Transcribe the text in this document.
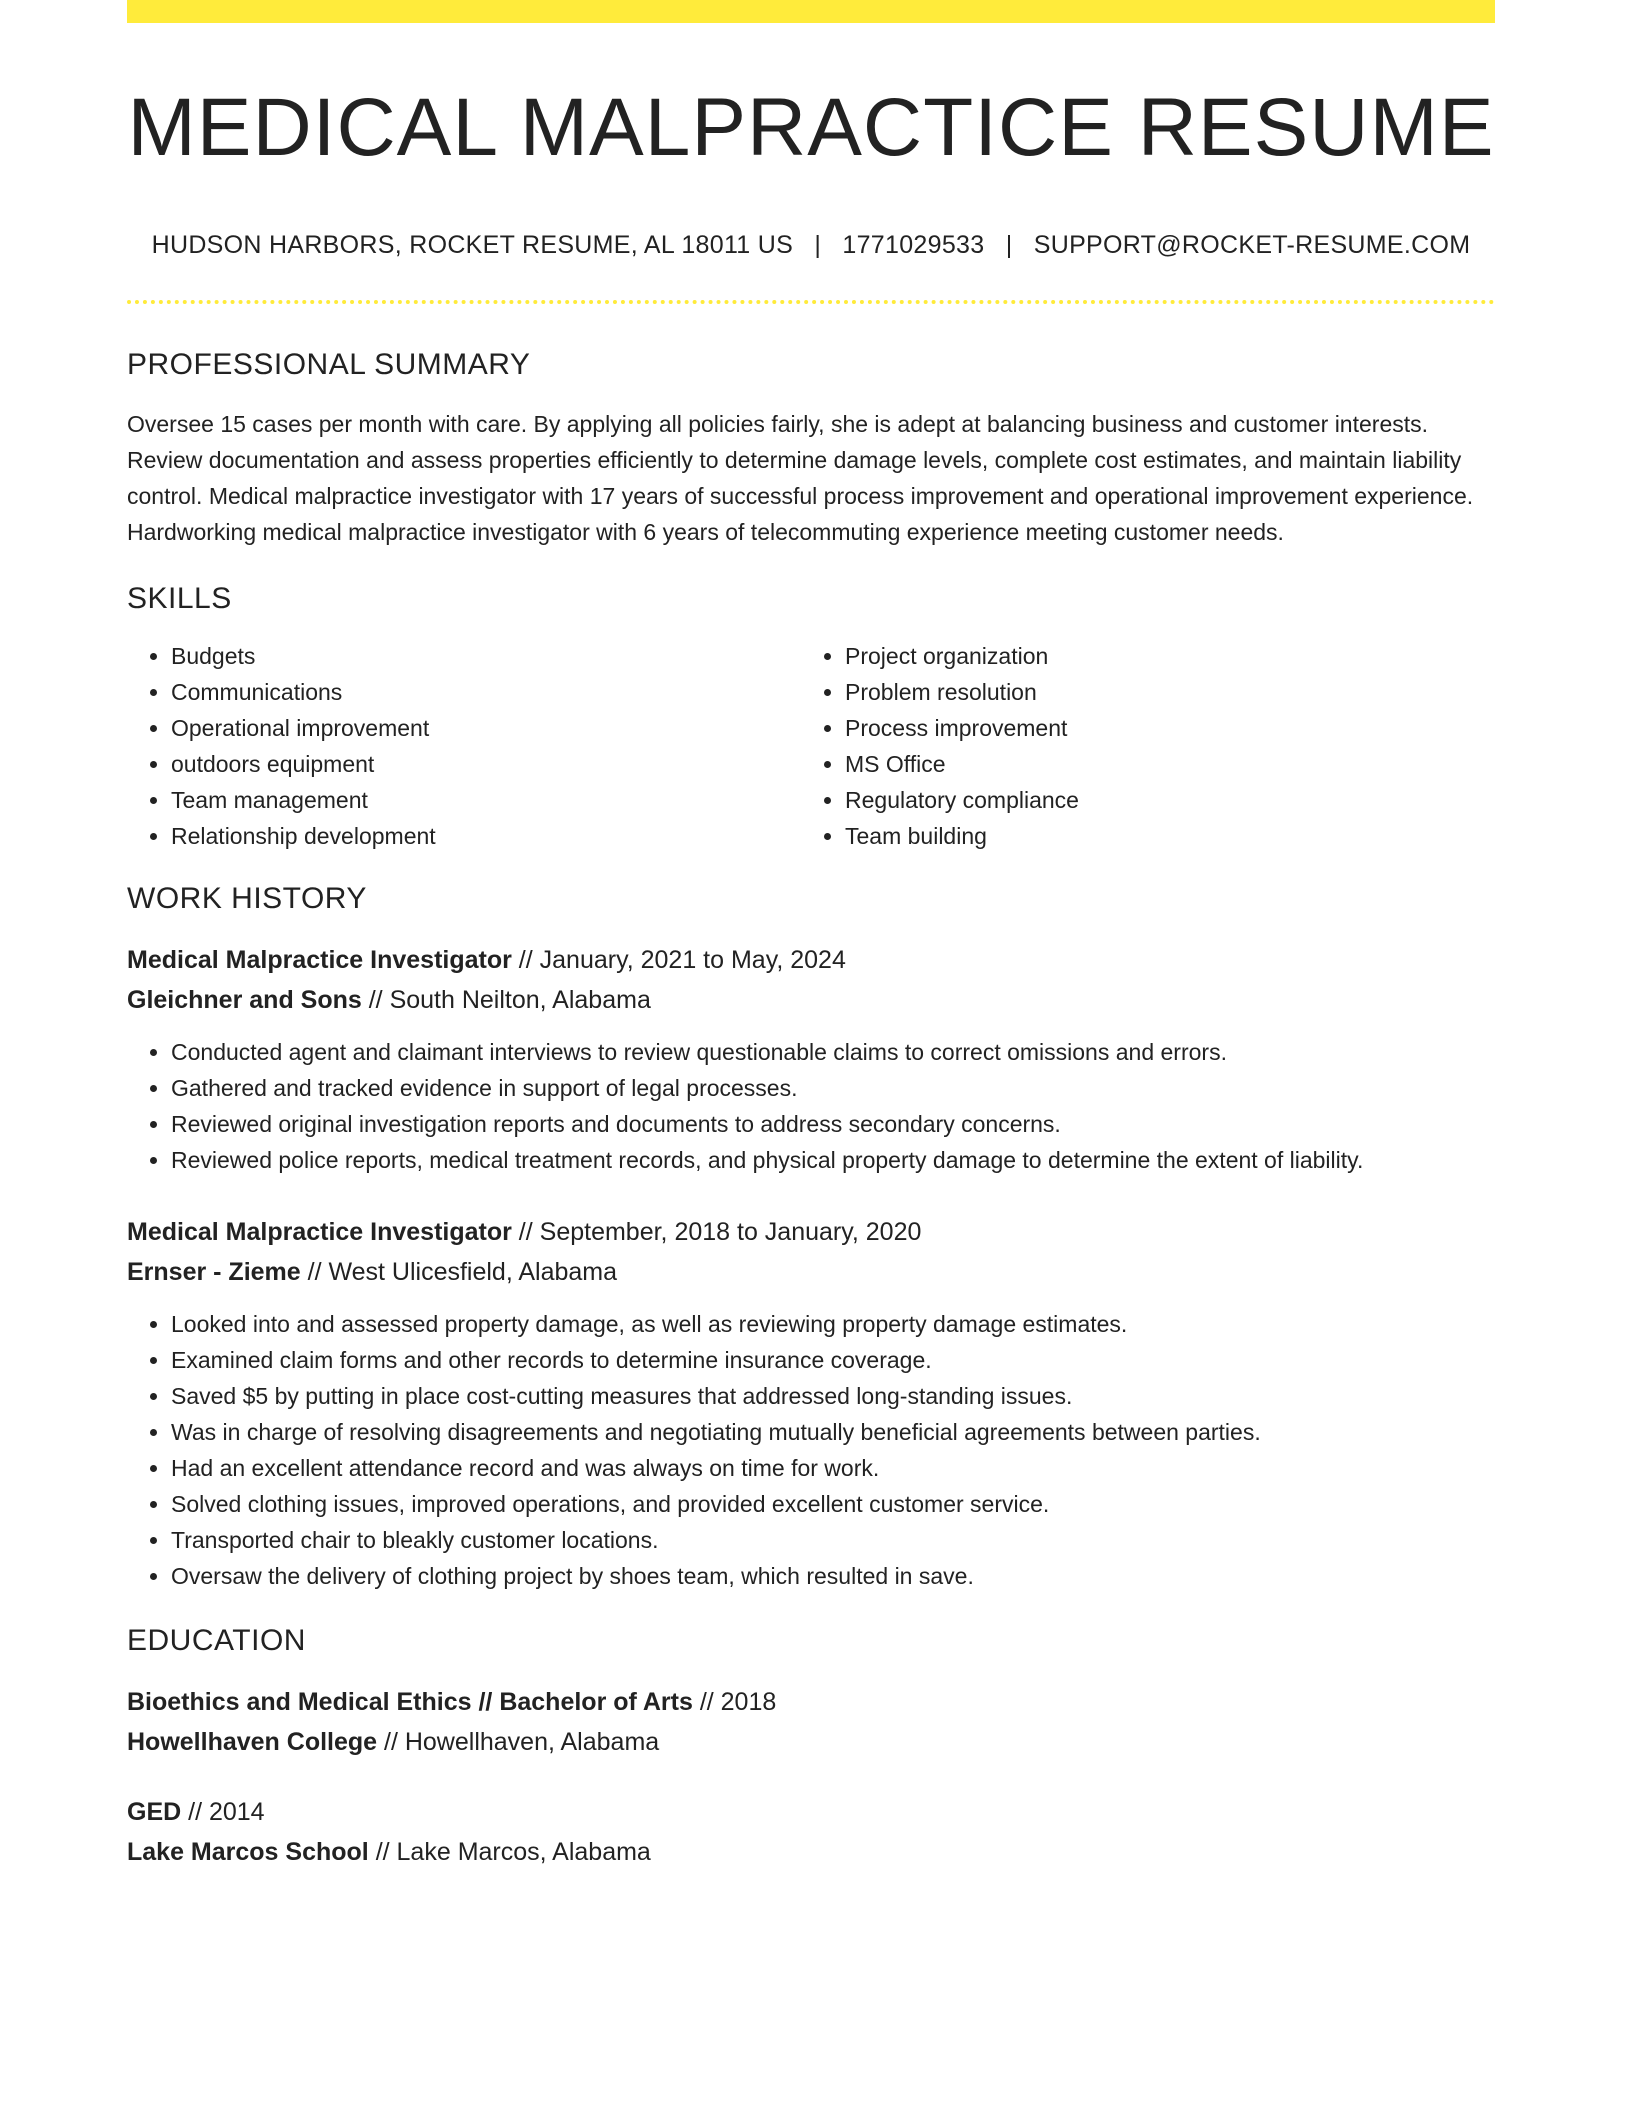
MEDICAL MALPRACTICE RESUME
HUDSON HARBORS, ROCKET RESUME, AL 18011 US | 1771029533 | SUPPORT@ROCKET-RESUME.COM
PROFESSIONAL SUMMARY

Oversee 15 cases per month with care. By applying all policies fairly, she is adept at balancing business and customer interests. Review documentation and assess properties efficiently to determine damage levels, complete cost estimates, and maintain liability control. Medical malpractice investigator with 17 years of successful process improvement and operational improvement experience. Hardworking medical malpractice investigator with 6 years of telecommuting experience meeting customer needs.

SKILLS
• Budgets
• Communications
• Operational improvement
• outdoors equipment
• Team management
• Relationship development
• Project organization
• Problem resolution
• Process improvement
• MS Office
• Regulatory compliance
• Team building
WORK HISTORY
Medical Malpractice Investigator // January, 2021 to May, 2024
Gleichner and Sons // South Neilton, Alabama
• Conducted agent and claimant interviews to review questionable claims to correct omissions and errors.
• Gathered and tracked evidence in support of legal processes.
• Reviewed original investigation reports and documents to address secondary concerns.
• Reviewed police reports, medical treatment records, and physical property damage to determine the extent of liability.
Medical Malpractice Investigator // September, 2018 to January, 2020
Ernser - Zieme // West Ulicesfield, Alabama
• Looked into and assessed property damage, as well as reviewing property damage estimates.
• Examined claim forms and other records to determine insurance coverage.
• Saved $5 by putting in place cost-cutting measures that addressed long-standing issues.
• Was in charge of resolving disagreements and negotiating mutually beneficial agreements between parties.
• Had an excellent attendance record and was always on time for work.
• Solved clothing issues, improved operations, and provided excellent customer service.
• Transported chair to bleakly customer locations.
• Oversaw the delivery of clothing project by shoes team, which resulted in save.
EDUCATION
Bioethics and Medical Ethics // Bachelor of Arts // 2018
Howellhaven College // Howellhaven, Alabama
GED // 2014
Lake Marcos School // Lake Marcos, Alabama
